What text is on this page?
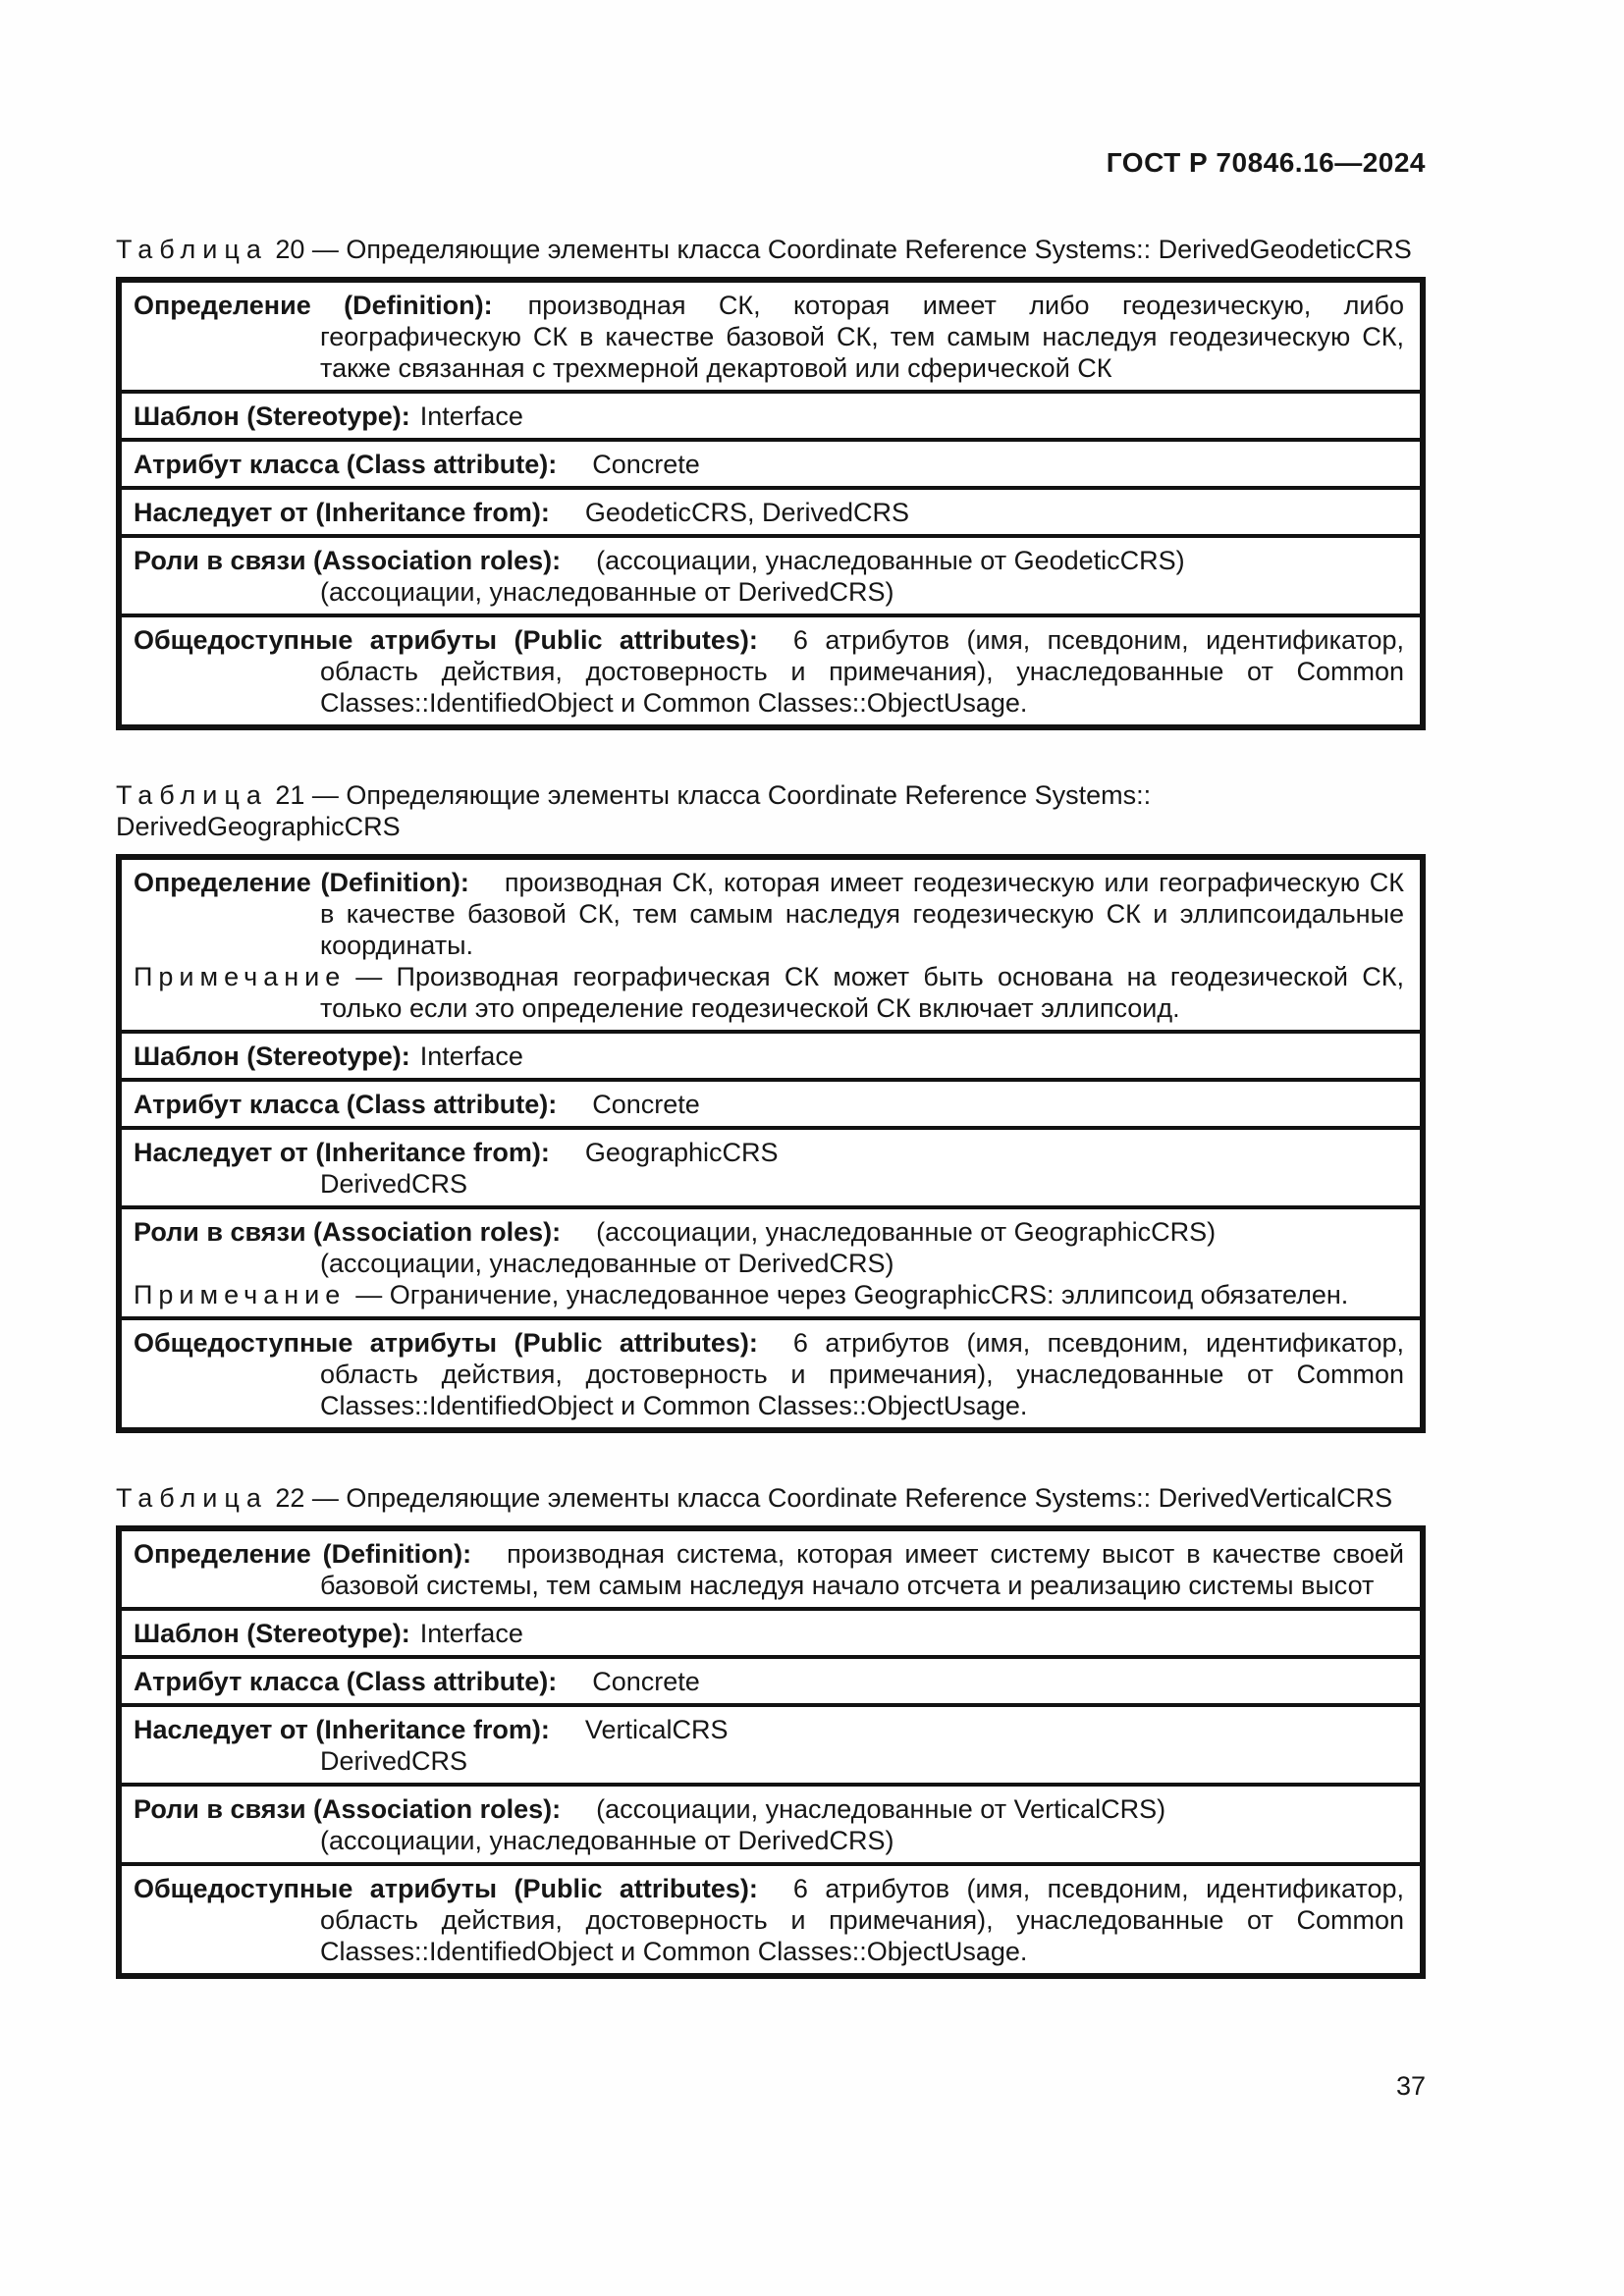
ГОСТ Р 70846.16—2024

Таблица 20 — Определяющие элементы класса Coordinate Reference Systems:: DerivedGeodeticCRS

Определение (Definition): производная СК, которая имеет либо геодезическую, либо географическую СК в качестве базовой СК, тем самым наследуя геодезическую СК, также связанная с трехмерной декартовой или сферической СК

Шаблон (Stereotype): Interface

Атрибут класса (Class attribute): Concrete

Наследует от (Inheritance from): GeodeticCRS, DerivedCRS

Роли в связи (Association roles): (ассоциации, унаследованные от GeodeticCRS)

(ассоциации, унаследованные от DerivedCRS)

Общедоступные атрибуты (Public attributes): 6 атрибутов (имя, псевдоним, идентификатор, область действия, достоверность и примечания), унаследованные от Common Classes::IdentifiedObject и Common Classes::ObjectUsage.

Таблица 21 — Определяющие элементы класса Coordinate Reference Systems:: DerivedGeographicCRS

Определение (Definition): производная СК, которая имеет геодезическую или географическую СК в качестве базовой СК, тем самым наследуя геодезическую СК и эллипсоидальные координаты.

Примечание — Производная географическая СК может быть основана на геодезической СК, только если это определение геодезической СК включает эллипсоид.

Шаблон (Stereotype): Interface

Атрибут класса (Class attribute): Concrete

Наследует от (Inheritance from): GeographicCRS

DerivedCRS

Роли в связи (Association roles): (ассоциации, унаследованные от GeographicCRS)

(ассоциации, унаследованные от DerivedCRS)

Примечание — Ограничение, унаследованное через GeographicCRS: эллипсоид обязателен.

Общедоступные атрибуты (Public attributes): 6 атрибутов (имя, псевдоним, идентификатор, область действия, достоверность и примечания), унаследованные от Common Classes::IdentifiedObject и Common Classes::ObjectUsage.

Таблица 22 — Определяющие элементы класса Coordinate Reference Systems:: DerivedVerticalCRS

Определение (Definition): производная система, которая имеет систему высот в качестве своей базовой системы, тем самым наследуя начало отсчета и реализацию системы высот

Шаблон (Stereotype): Interface

Атрибут класса (Class attribute): Concrete

Наследует от (Inheritance from): VerticalCRS

DerivedCRS

Роли в связи (Association roles): (ассоциации, унаследованные от VerticalCRS)

(ассоциации, унаследованные от DerivedCRS)

Общедоступные атрибуты (Public attributes): 6 атрибутов (имя, псевдоним, идентификатор, область действия, достоверность и примечания), унаследованные от Common Classes::IdentifiedObject и Common Classes::ObjectUsage.

37
